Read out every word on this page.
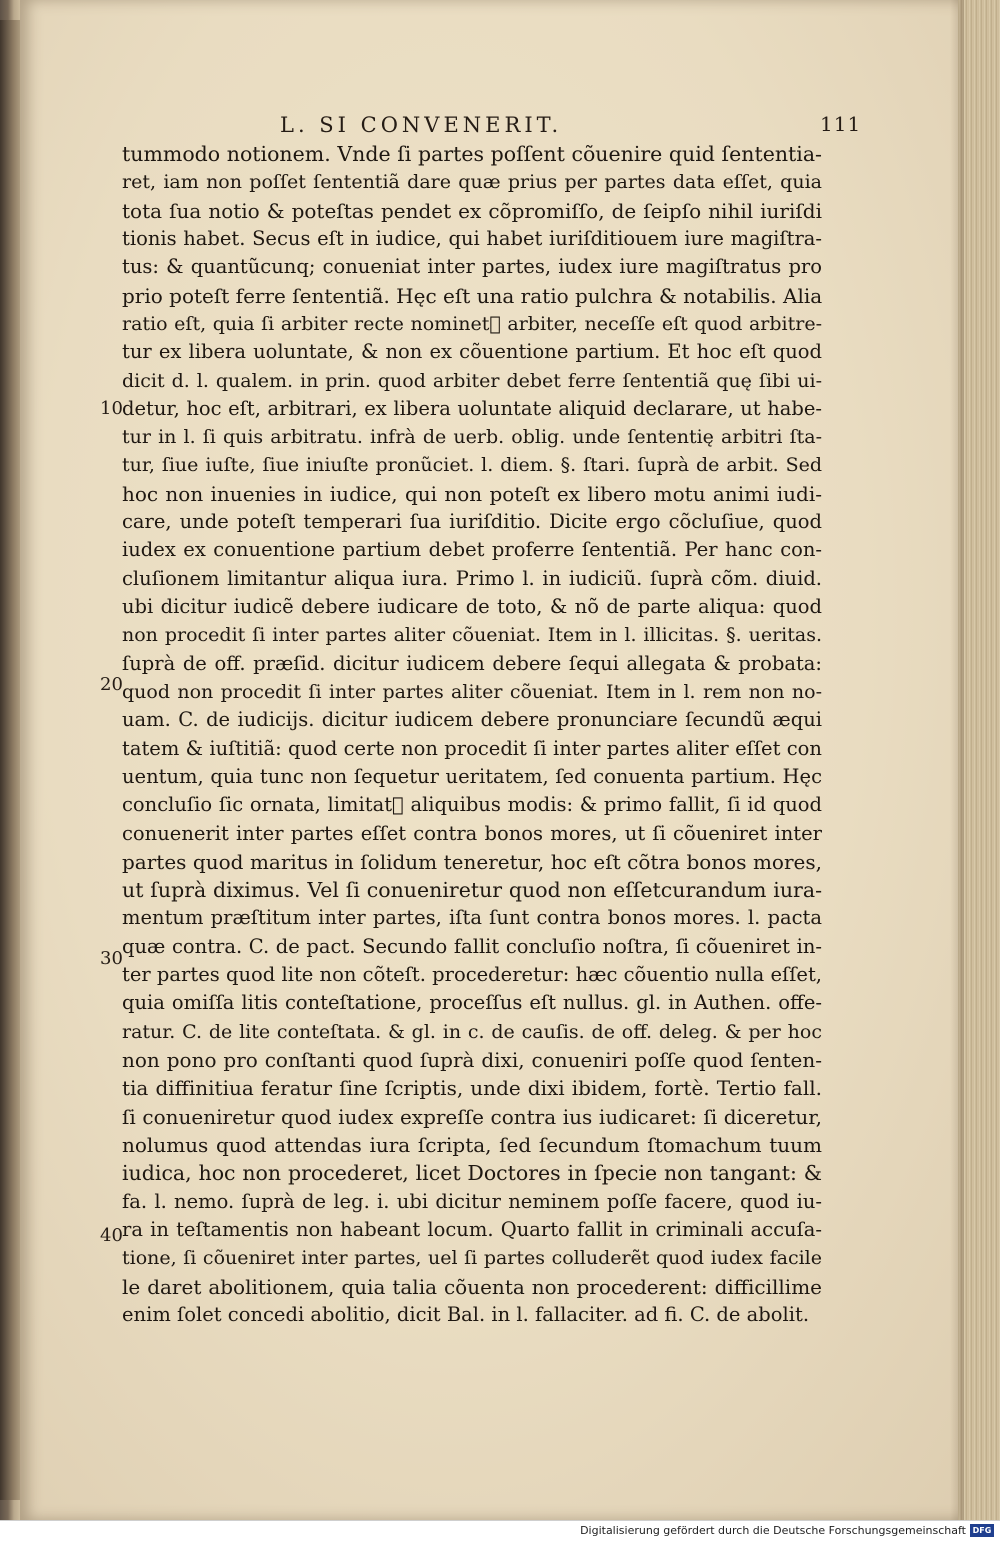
L. SI CONVENERIT.	111
tummodo notionem. Vnde ſi partes poſſent cõuenire quid ſententia-
ret, iam non poſſet ſententiã dare quæ prius per partes data eſſet, quia
tota ſua notio & poteſtas pendet ex cõpromiſſo, de ſeipſo nihil iuriſdi
tionis habet. Secus eſt in iudice, qui habet iuriſditiouem iure magiſtra-
tus: & quantũcunq; conueniat inter partes, iudex iure magiſtratus pro
prio poteſt ferre ſententiã. Hęc eſt una ratio pulchra & notabilis. Alia
ratio eſt, quia ſi arbiter recte nominetᷣ arbiter, neceſſe eſt quod arbitre-
tur ex libera uoluntate, & non ex cõuentione partium. Et hoc eſt quod
dicit d. l. qualem. in prin. quod arbiter debet ferre ſententiã quę ſibi ui-
detur, hoc eſt, arbitrari, ex libera uoluntate aliquid declarare, ut habe-
tur in l. ſi quis arbitratu. infrà de uerb. oblig. unde ſententię arbitri ſta-
tur, ſiue iuſte, ſiue iniuſte pronũciet. l. diem. §. ſtari. ſuprà de arbit. Sed
hoc non inuenies in iudice, qui non poteſt ex libero motu animi iudi-
care, unde poteſt temperari ſua iuriſditio. Dicite ergo cõcluſiue, quod
iudex ex conuentione partium debet proferre ſententiã. Per hanc con-
cluſionem limitantur aliqua iura. Primo l. in iudiciũ. ſuprà cõm. diuid.
ubi dicitur iudicẽ debere iudicare de toto, & nõ de parte aliqua: quod
non procedit ſi inter partes aliter cõueniat. Item in l. illicitas. §. ueritas.
ſuprà de off. præſid. dicitur iudicem debere ſequi allegata & probata:
quod non procedit ſi inter partes aliter cõueniat. Item in l. rem non no-
uam. C. de iudicijs. dicitur iudicem debere pronunciare ſecundũ æqui
tatem & iuſtitiã: quod certe non procedit ſi inter partes aliter eſſet con
uentum, quia tunc non ſequetur ueritatem, ſed conuenta partium. Hęc
concluſio ſic ornata, limitatᷣ aliquibus modis: & primo fallit, ſi id quod
conuenerit inter partes eſſet contra bonos mores, ut ſi cõueniret inter
partes quod maritus in ſolidum teneretur, hoc eſt cõtra bonos mores,
ut ſuprà diximus. Vel ſi conueniretur quod non eſſetcurandum iura-
mentum præſtitum inter partes, iſta ſunt contra bonos mores. l. pacta
quæ contra. C. de pact. Secundo fallit concluſio noſtra, ſi cõueniret in-
ter partes quod lite non cõteſt. procederetur: hæc cõuentio nulla eſſet,
quia omiſſa litis conteſtatione, proceſſus eſt nullus. gl. in Authen. offe-
ratur. C. de lite conteſtata. & gl. in c. de cauſis. de off. deleg. & per hoc
non pono pro conſtanti quod ſuprà dixi, conueniri poſſe quod ſenten-
tia diffinitiua feratur ſine ſcriptis, unde dixi ibidem, fortè. Tertio fall.
ſi conueniretur quod iudex expreſſe contra ius iudicaret: ſi diceretur,
nolumus quod attendas iura ſcripta, ſed ſecundum ſtomachum tuum
iudica, hoc non procederet, licet Doctores in ſpecie non tangant: &
fa. l. nemo. ſuprà de leg. i. ubi dicitur neminem poſſe facere, quod iu-
ra in teſtamentis non habeant locum. Quarto fallit in criminali accuſa-
tione, ſi cõueniret inter partes, uel ſi partes colluderẽt quod iudex facile
le daret abolitionem, quia talia cõuenta non procederent: difficillime
enim ſolet concedi abolitio, dicit Bal. in l. fallaciter. ad fi. C. de abolit.
10
20
30
40
Digitalisierung gefördert durch die Deutsche Forschungsgemeinschaft DFG
